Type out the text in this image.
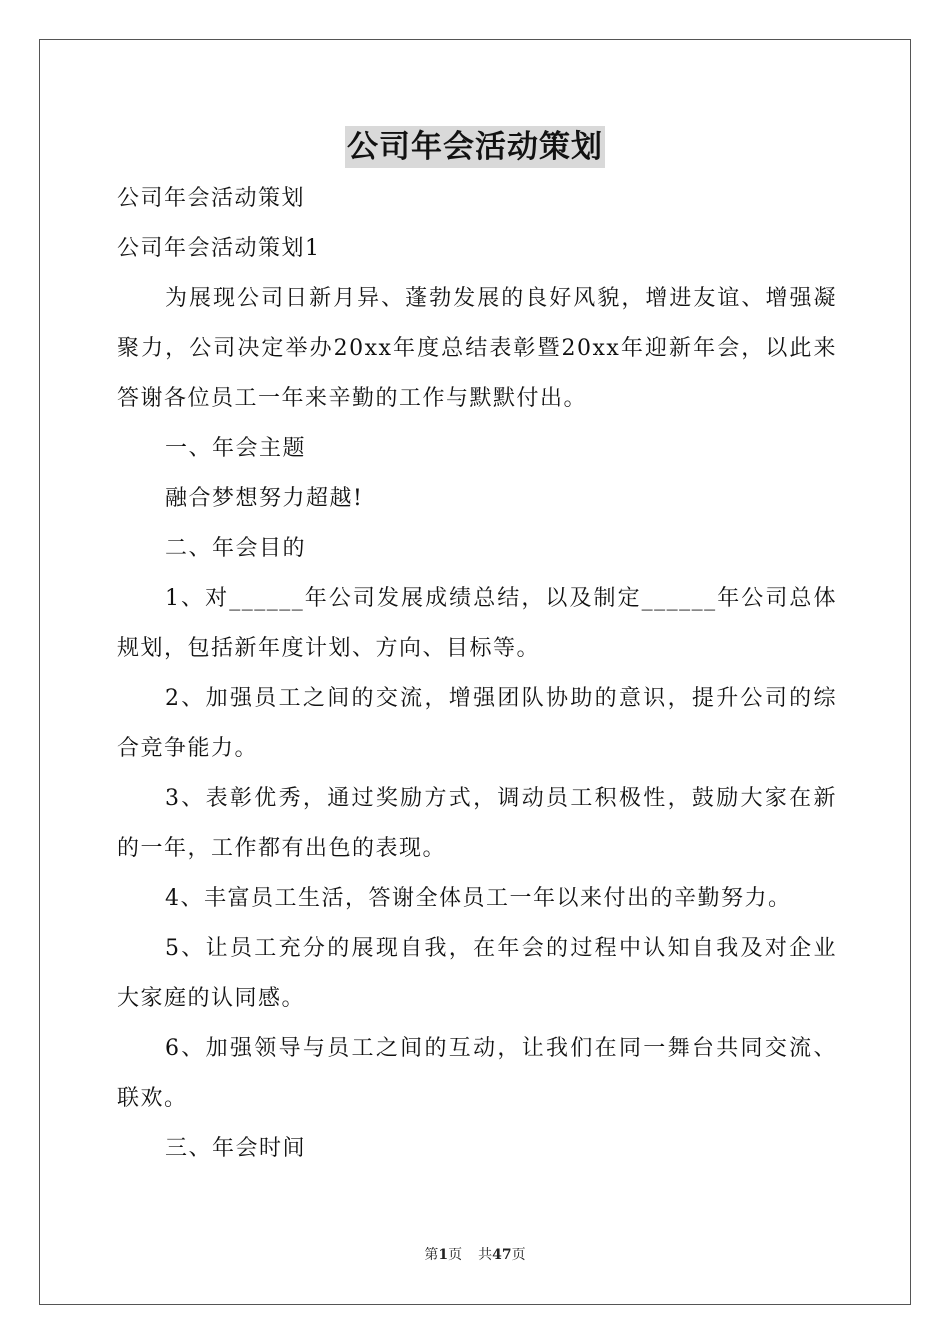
公司年会活动策划

公司年会活动策划

公司年会活动策划1

为展现公司日新月异、蓬勃发展的良好风貌，增进友谊、增强凝聚力，公司决定举办20xx年度总结表彰暨20xx年迎新年会，以此来答谢各位员工一年来辛勤的工作与默默付出。

一、年会主题

融合梦想努力超越!

二、年会目的

1、对______年公司发展成绩总结，以及制定______年公司总体规划，包括新年度计划、方向、目标等。

2、加强员工之间的交流，增强团队协助的意识，提升公司的综合竞争能力。

3、表彰优秀，通过奖励方式，调动员工积极性，鼓励大家在新的一年，工作都有出色的表现。

4、丰富员工生活，答谢全体员工一年以来付出的辛勤努力。

5、让员工充分的展现自我，在年会的过程中认知自我及对企业大家庭的认同感。

6、加强领导与员工之间的互动，让我们在同一舞台共同交流、联欢。

三、年会时间

第1页 共47页
